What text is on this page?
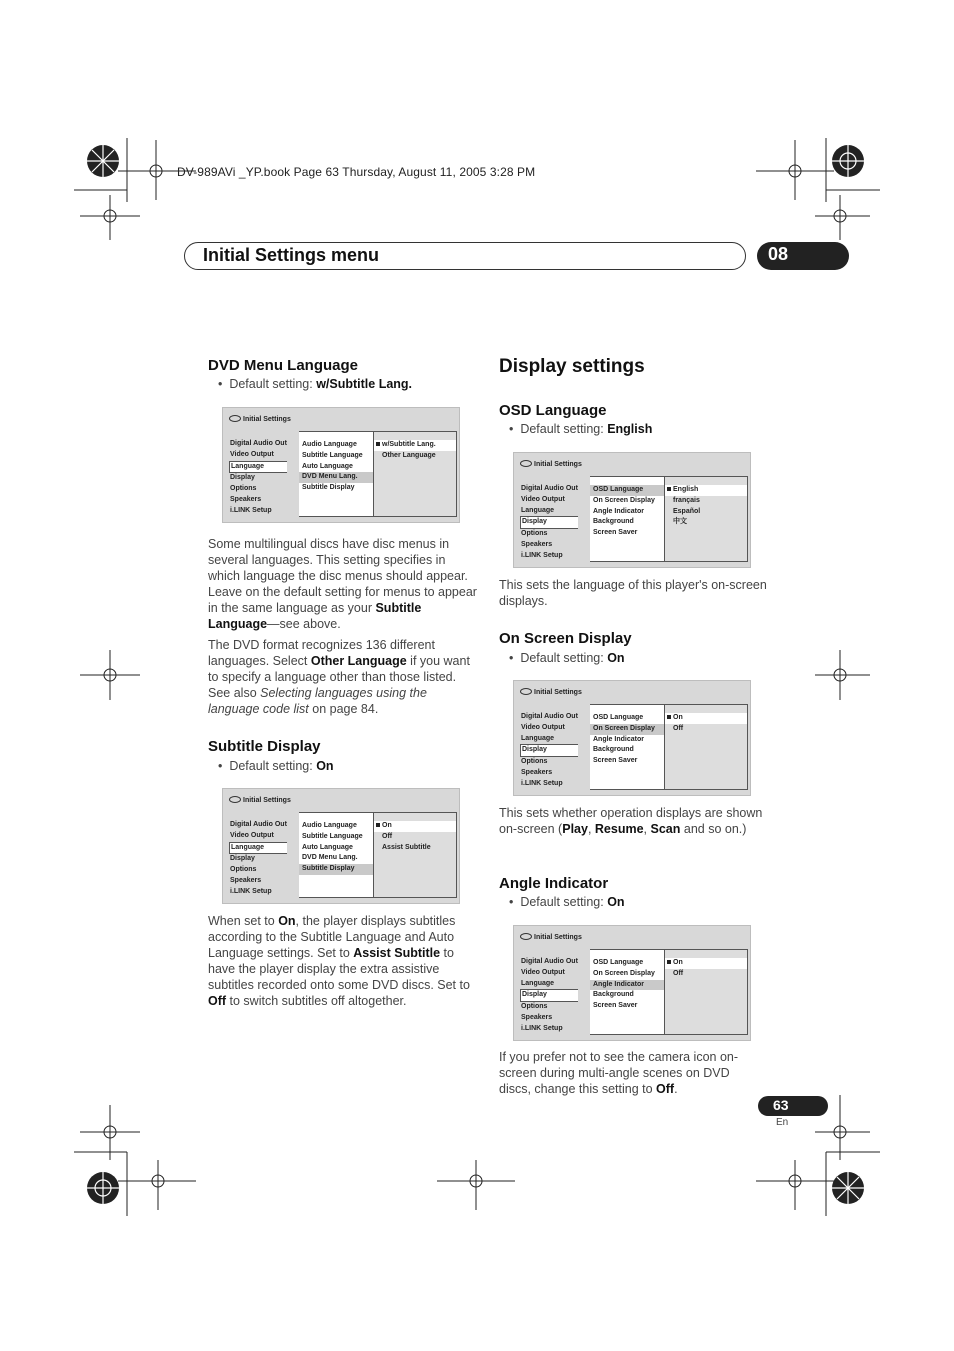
DV-989AVi _YP.book Page 63 Thursday, August 11, 2005 3:28 PM
Initial Settings menu	08
DVD Menu Language
•  Default setting: w/Subtitle Lang.
Initial Settings
Digital Audio Out
Video Output
Language
Display
Options
Speakers
i.LINK Setup
Audio Language
Subtitle Language
Auto Language
DVD Menu Lang.
Subtitle Display
w/Subtitle Lang.
Other Language
Some multilingual discs have disc menus in several languages. This setting specifies in which language the disc menus should appear. Leave on the default setting for menus to appear in the same language as your Subtitle Language—see above.
The DVD format recognizes 136 different languages. Select Other Language if you want to specify a language other than those listed. See also Selecting languages using the language code list on page 84.
Subtitle Display
•  Default setting: On
Initial Settings
Digital Audio Out
Video Output
Language
Display
Options
Speakers
i.LINK Setup
Audio Language
Subtitle Language
Auto Language
DVD Menu Lang.
Subtitle Display
On
Off
Assist Subtitle
When set to On, the player displays subtitles according to the Subtitle Language and Auto Language settings. Set to Assist Subtitle to have the player display the extra assistive subtitles recorded onto some DVD discs. Set to Off to switch subtitles off altogether.
Display settings
OSD Language
•  Default setting: English
Initial Settings
Digital Audio Out
Video Output
Language
Display
Options
Speakers
i.LINK Setup
OSD Language
On Screen Display
Angle Indicator
Background
Screen Saver
English
français
Español
中文
This sets the language of this player's on-screen displays.
On Screen Display
•  Default setting: On
Initial Settings
Digital Audio Out
Video Output
Language
Display
Options
Speakers
i.LINK Setup
OSD Language
On Screen Display
Angle Indicator
Background
Screen Saver
On
Off
This sets whether operation displays are shown on-screen (Play, Resume, Scan and so on.)
Angle Indicator
•  Default setting: On
Initial Settings
Digital Audio Out
Video Output
Language
Display
Options
Speakers
i.LINK Setup
OSD Language
On Screen Display
Angle Indicator
Background
Screen Saver
On
Off
If you prefer not to see the camera icon on-screen during multi-angle scenes on DVD discs, change this setting to Off.
63
En
